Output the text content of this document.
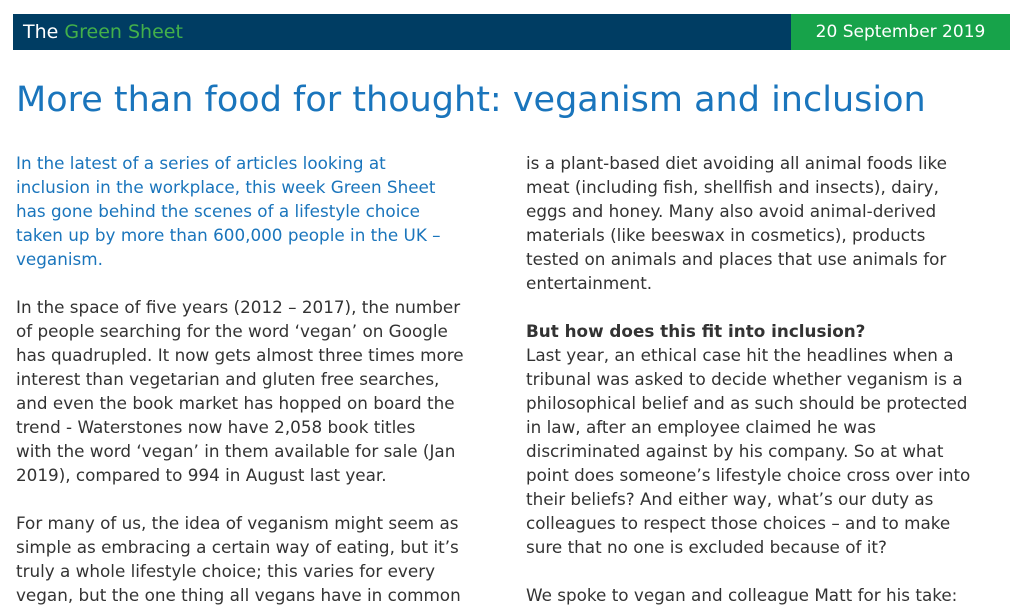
The Green Sheet	20 September 2019
More than food for thought: veganism and inclusion

In the latest of a series of articles looking at
inclusion in the workplace, this week Green Sheet
has gone behind the scenes of a lifestyle choice
taken up by more than 600,000 people in the UK –
veganism.

In the space of five years (2012 – 2017), the number
of people searching for the word ‘vegan’ on Google
has quadrupled. It now gets almost three times more
interest than vegetarian and gluten free searches,
and even the book market has hopped on board the
trend - Waterstones now have 2,058 book titles
with the word ‘vegan’ in them available for sale (Jan
2019), compared to 994 in August last year.

For many of us, the idea of veganism might seem as
simple as embracing a certain way of eating, but it’s
truly a whole lifestyle choice; this varies for every
vegan, but the one thing all vegans have in common

is a plant-based diet avoiding all animal foods like
meat (including fish, shellfish and insects), dairy,
eggs and honey. Many also avoid animal-derived
materials (like beeswax in cosmetics), products
tested on animals and places that use animals for
entertainment.

But how does this fit into inclusion?

Last year, an ethical case hit the headlines when a
tribunal was asked to decide whether veganism is a
philosophical belief and as such should be protected
in law, after an employee claimed he was
discriminated against by his company. So at what
point does someone’s lifestyle choice cross over into
their beliefs? And either way, what’s our duty as
colleagues to respect those choices – and to make
sure that no one is excluded because of it?

We spoke to vegan and colleague Matt for his take:
